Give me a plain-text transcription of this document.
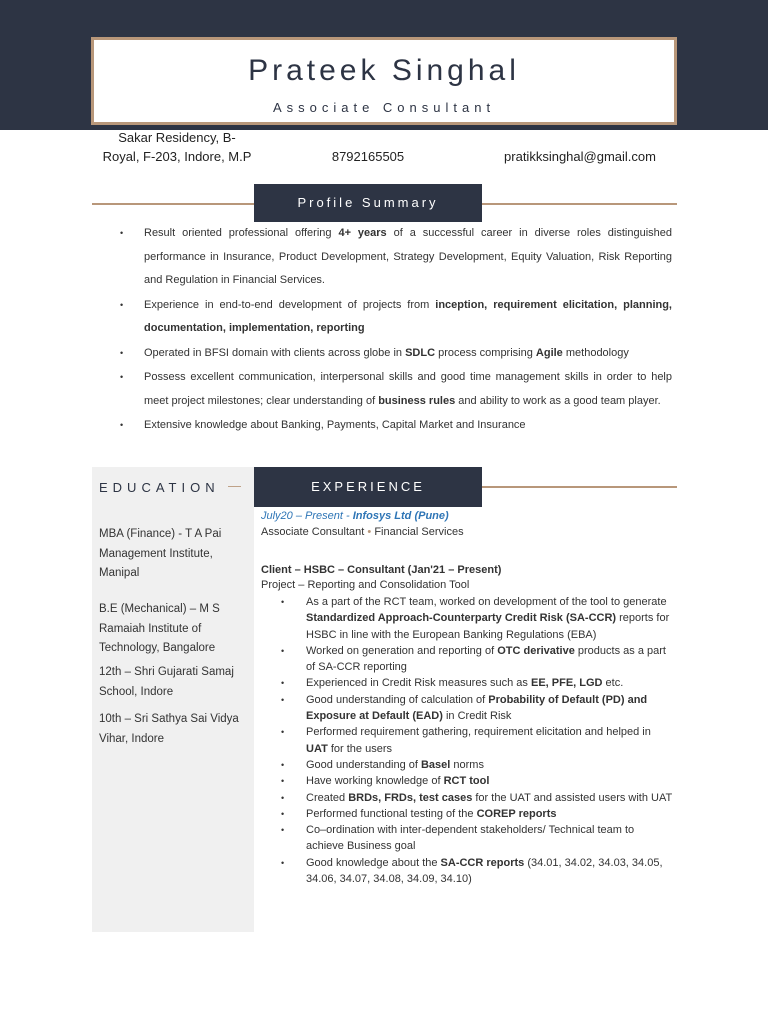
Prateek Singhal
Associate Consultant
Sakar Residency, B-Royal, F-203, Indore, M.P	8792165505	pratikksinghal@gmail.com
Profile Summary
• Result oriented professional offering 4+ years of a successful career in diverse roles distinguished performance in Insurance, Product Development, Strategy Development, Equity Valuation, Risk Reporting and Regulation in Financial Services.
• Experience in end-to-end development of projects from inception, requirement elicitation, planning, documentation, implementation, reporting
• Operated in BFSI domain with clients across globe in SDLC process comprising Agile methodology
• Possess excellent communication, interpersonal skills and good time management skills in order to help meet project milestones; clear understanding of business rules and ability to work as a good team player.
• Extensive knowledge about Banking, Payments, Capital Market and Insurance
EDUCATION —
MBA (Finance) - T A Pai Management Institute, Manipal
B.E (Mechanical) – M S Ramaiah Institute of Technology, Bangalore
12th – Shri Gujarati Samaj School, Indore
10th – Sri Sathya Sai Vidya Vihar, Indore
EXPERIENCE
July20 – Present - Infosys Ltd (Pune)
Associate Consultant • Financial Services
Client – HSBC – Consultant (Jan'21 – Present)
Project – Reporting and Consolidation Tool
• As a part of the RCT team, worked on development of the tool to generate Standardized Approach-Counterparty Credit Risk (SA-CCR) reports for HSBC in line with the European Banking Regulations (EBA)
• Worked on generation and reporting of OTC derivative products as a part of SA-CCR reporting
• Experienced in Credit Risk measures such as EE, PFE, LGD etc.
• Good understanding of calculation of Probability of Default (PD) and Exposure at Default (EAD) in Credit Risk
• Performed requirement gathering, requirement elicitation and helped in UAT for the users
• Good understanding of Basel norms
• Have working knowledge of RCT tool
• Created BRDs, FRDs, test cases for the UAT and assisted users with UAT
• Performed functional testing of the COREP reports
• Co–ordination with inter-dependent stakeholders/ Technical team to achieve Business goal
• Good knowledge about the SA-CCR reports (34.01, 34.02, 34.03, 34.05, 34.06, 34.07, 34.08, 34.09, 34.10)
